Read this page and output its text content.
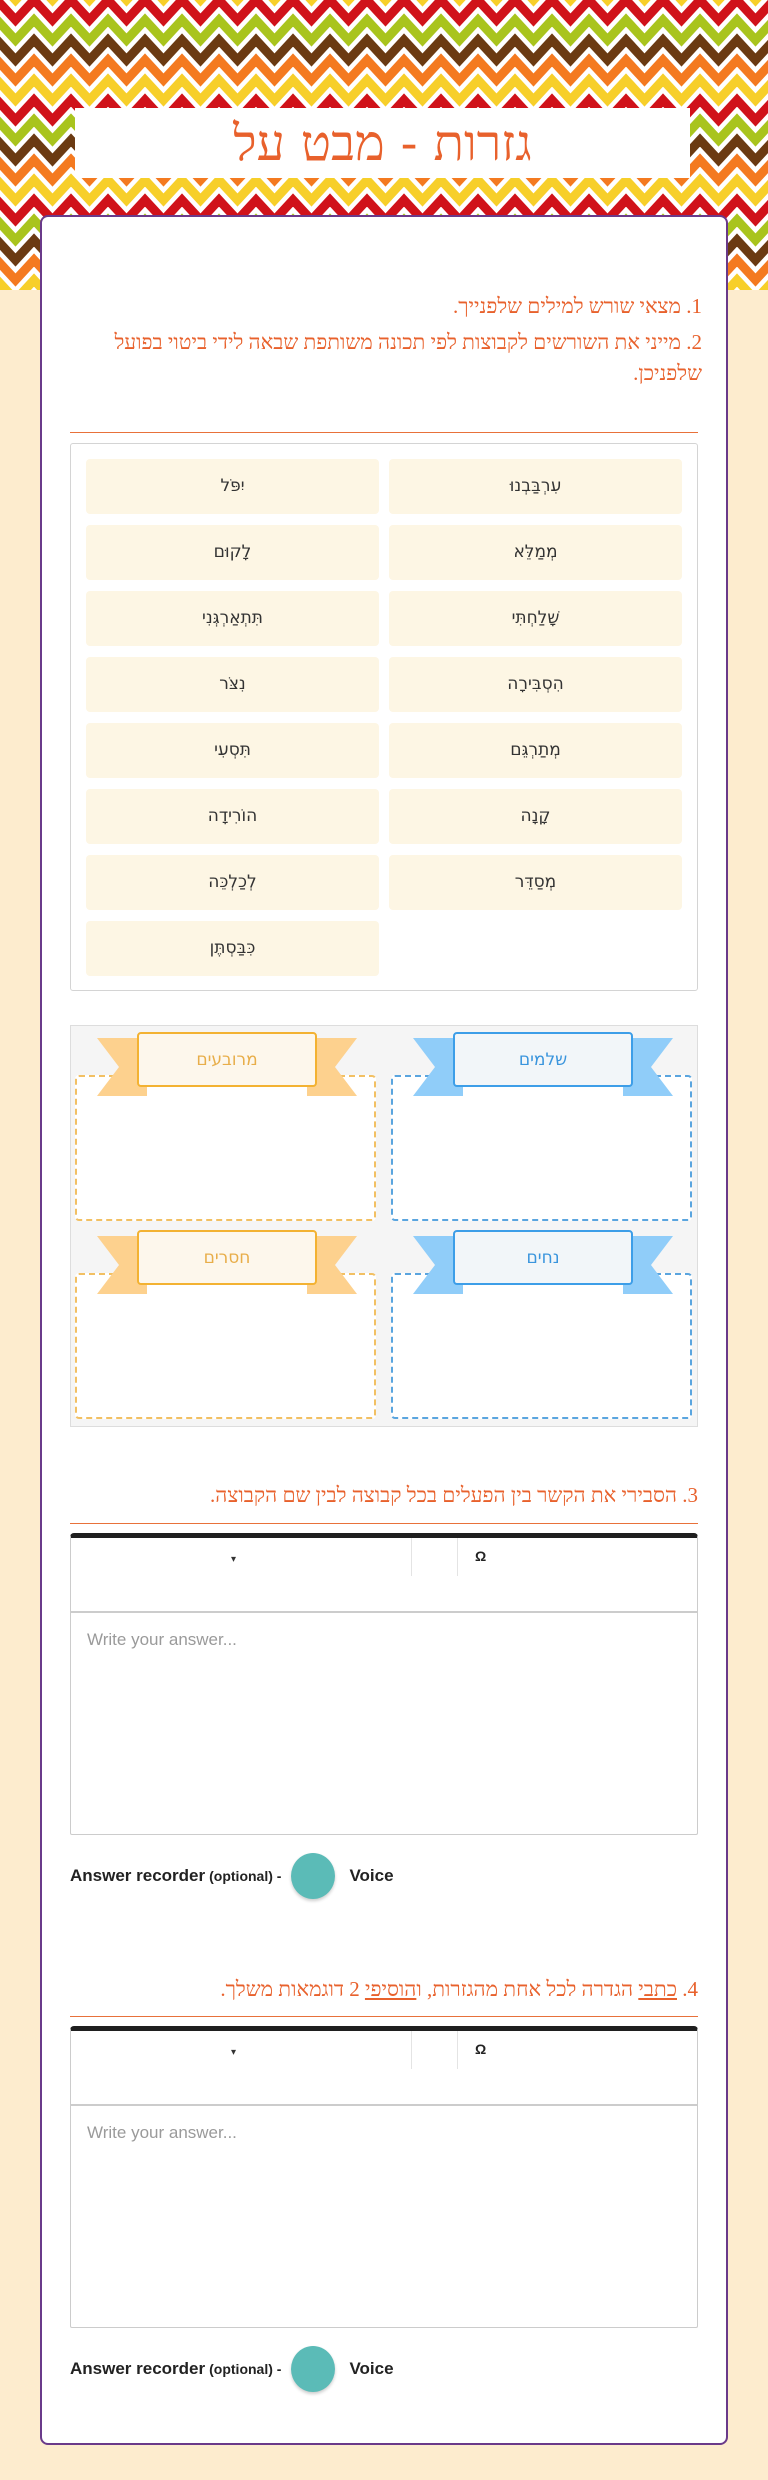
גזרות - מבט על
1. מצאי שורש למילים שלפנייך.
2. מייני את השורשים לקבוצות לפי תכונה משותפת שבאה לידי ביטוי בפועל שלפניכן.
עִרְבַּבְנוּ
מְמַלֵּא
שָׁלַחְתִּי
הִסְבִּירָה
מְתַרְגֵּם
קָנָה
מְסַדֵּר
יִפֹּל
לָקוּם
תִּתְאַרְגְּנִי
נִצֹּר
תִּסְעִי
הוֹרִידָה
לְכַלְכֵּה
כִּבַּסְתֶּן
שלמים
מרובעים
נחים
חסרים
3. הסבירי את הקשר בין הפעלים בכל קבוצה לבין שם הקבוצה.
▾	Ω
Write your answer...
Answer recorder (optional) -	Voice
4. כתבי הגדרה לכל אחת מהגזרות, והוסיפי 2 דוגמאות משלך.
▾	Ω
Write your answer...
Answer recorder (optional) -	Voice
